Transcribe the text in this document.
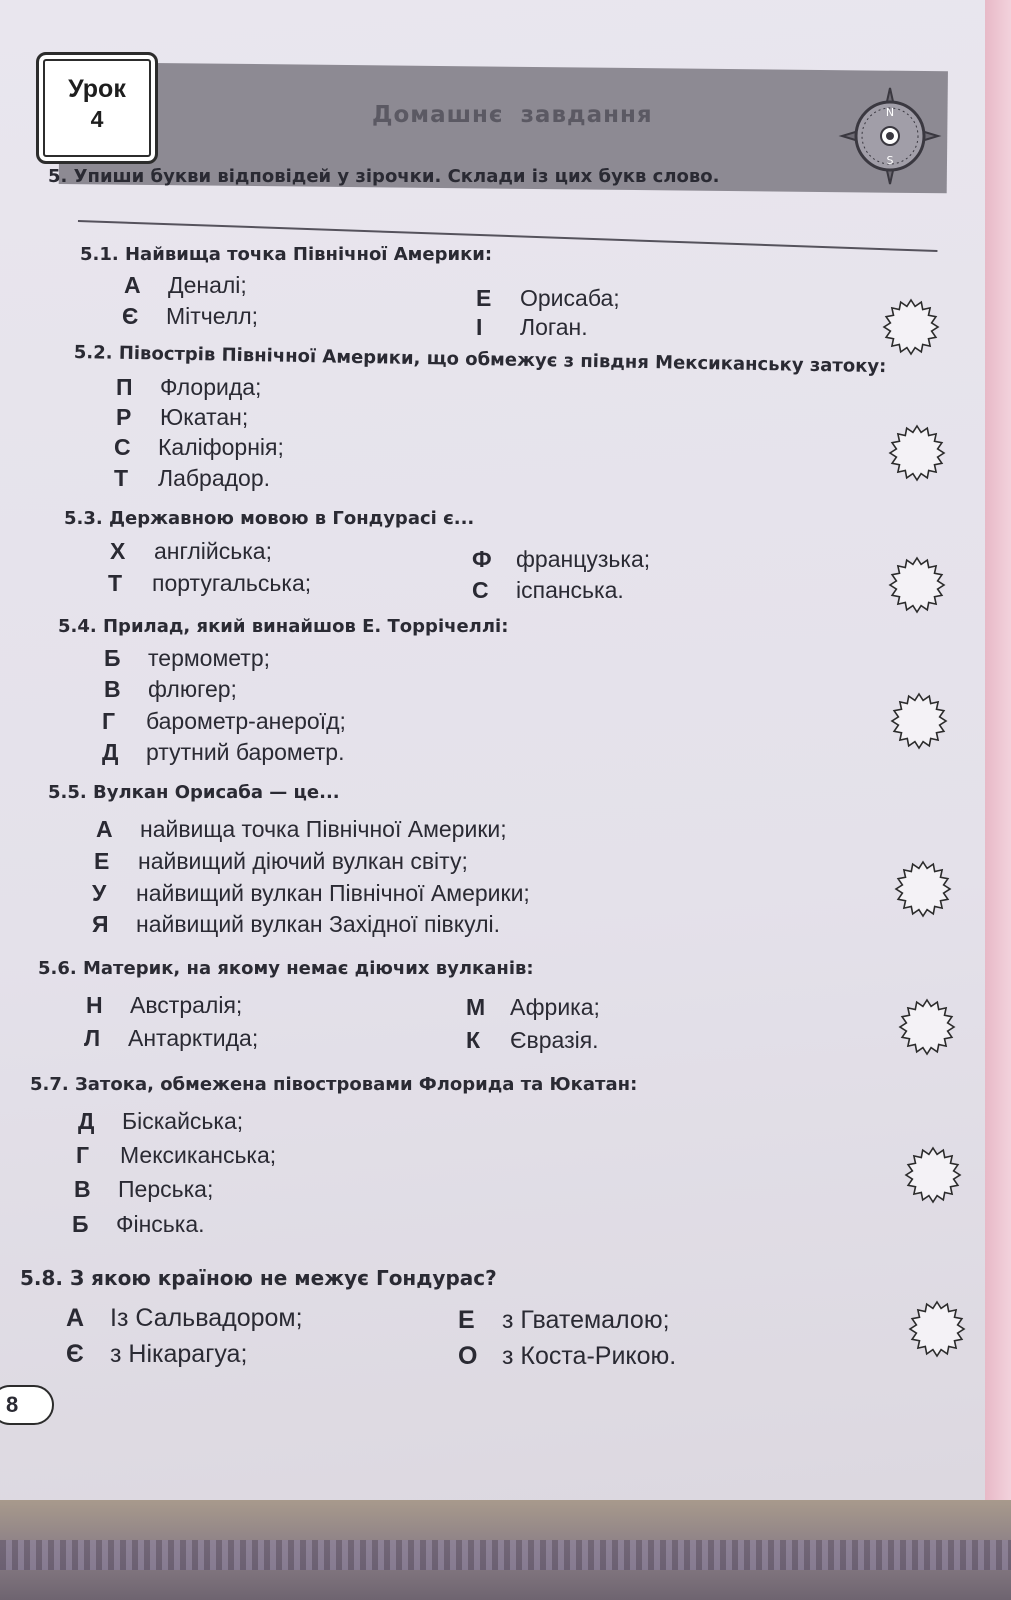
Урок
4	Домашнє завдання	N
S
5. Упиши букви відповідей у зірочки. Склади із цих букв слово.
5.1. Найвища точка Північної Америки:
А Деналі;
Є Мітчелл;
Е Орисаба;
І Логан.
5.2. Півострів Північної Америки, що обмежує з півдня Мексиканську затоку:
П Флорида;
Р Юкатан;
С Каліфорнія;
Т Лабрадор.
5.3. Державною мовою в Гондурасі є...
Х англійська;
Т португальська;
Ф французька;
С іспанська.
5.4. Прилад, який винайшов Е. Торрічеллі:
Б термометр;
В флюгер;
Г барометр-анероїд;
Д ртутний барометр.
5.5. Вулкан Орисаба — це...
А найвища точка Північної Америки;
Е найвищий діючий вулкан світу;
У найвищий вулкан Північної Америки;
Я найвищий вулкан Західної півкулі.
5.6. Материк, на якому немає діючих вулканів:
Н Австралія;
Л Антарктида;
М Африка;
К Євразія.
5.7. Затока, обмежена півостровами Флорида та Юкатан:
Д Біскайська;
Г Мексиканська;
В Перська;
Б Фінська.
5.8. З якою країною не межує Гондурас?
А Із Сальвадором;
Є з Нікарагуа;
Е з Гватемалою;
О з Коста-Рикою.
8
